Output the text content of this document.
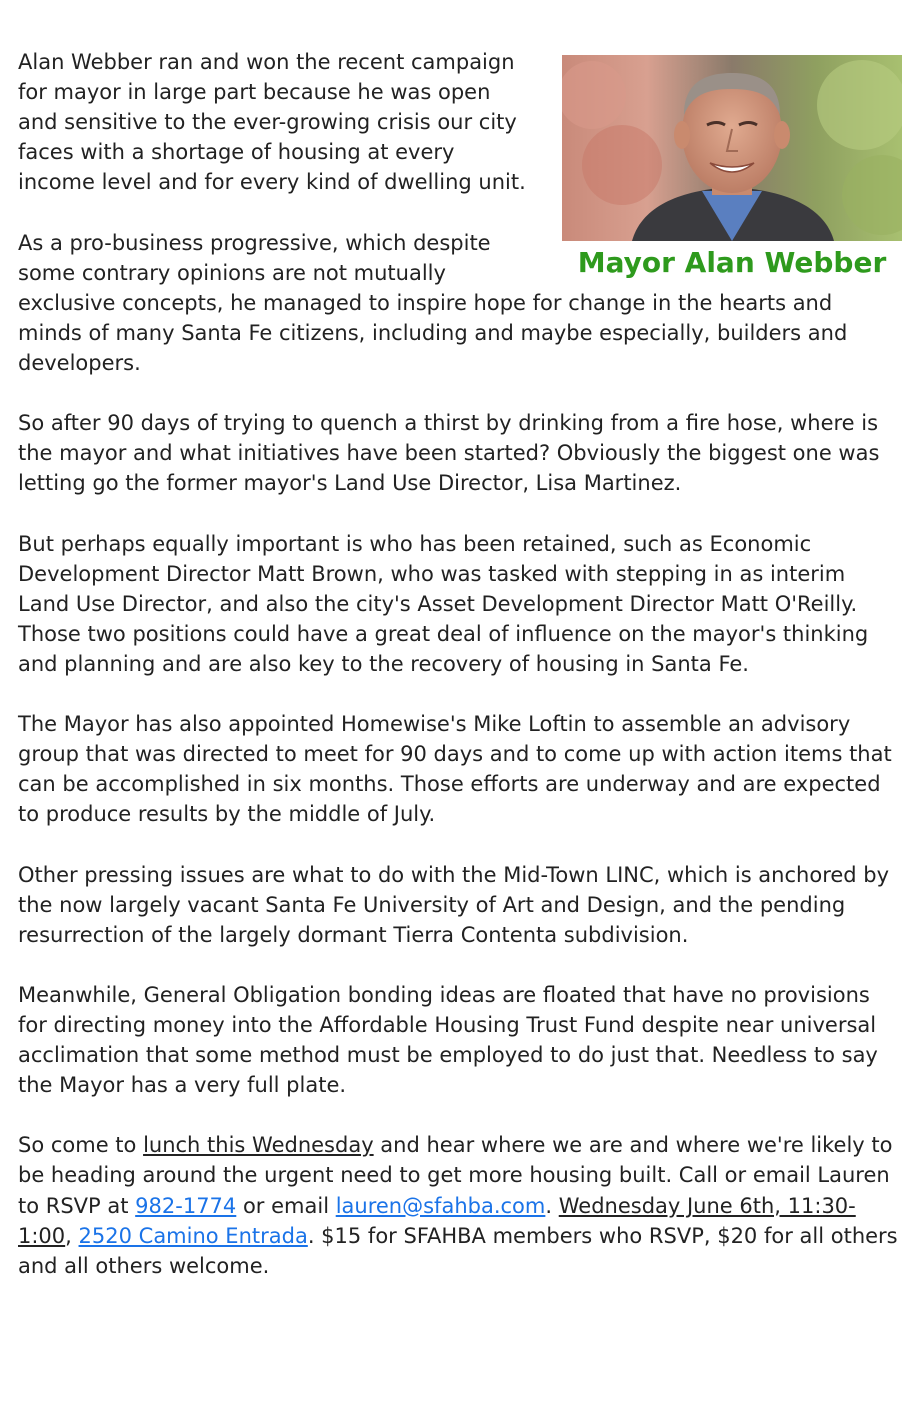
Mayor Alan Webber

Alan Webber ran and won the recent campaign for mayor in large part because he was open and sensitive to the ever-growing crisis our city faces with a shortage of housing at every income level and for every kind of dwelling unit.

As a pro-business progressive, which despite some contrary opinions are not mutually exclusive concepts, he managed to inspire hope for change in the hearts and minds of many Santa Fe citizens, including and maybe especially, builders and developers.

So after 90 days of trying to quench a thirst by drinking from a fire hose, where is the mayor and what initiatives have been started? Obviously the biggest one was letting go the former mayor's Land Use Director, Lisa Martinez.

But perhaps equally important is who has been retained, such as Economic Development Director Matt Brown, who was tasked with stepping in as interim Land Use Director, and also the city's Asset Development Director Matt O'Reilly. Those two positions could have a great deal of influence on the mayor's thinking and planning and are also key to the recovery of housing in Santa Fe.

The Mayor has also appointed Homewise's Mike Loftin to assemble an advisory group that was directed to meet for 90 days and to come up with action items that can be accomplished in six months. Those efforts are underway and are expected to produce results by the middle of July.

Other pressing issues are what to do with the Mid-Town LINC, which is anchored by the now largely vacant Santa Fe University of Art and Design, and the pending resurrection of the largely dormant Tierra Contenta subdivision.

Meanwhile, General Obligation bonding ideas are floated that have no provisions for directing money into the Affordable Housing Trust Fund despite near universal acclimation that some method must be employed to do just that. Needless to say the Mayor has a very full plate.

So come to lunch this Wednesday and hear where we are and where we're likely to be heading around the urgent need to get more housing built. Call or email Lauren to RSVP at 982-1774 or email lauren@sfahba.com. Wednesday June 6th, 11:30-1:00, 2520 Camino Entrada. $15 for SFAHBA members who RSVP, $20 for all others and all others welcome.
